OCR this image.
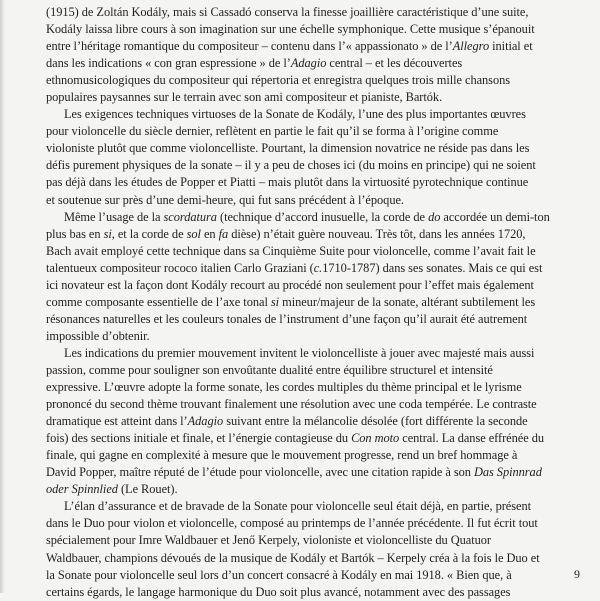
(1915) de Zoltán Kodály, mais si Cassadó conserva la finesse joaillière caractéristique d’une suite,
Kodály laissa libre cours à son imagination sur une échelle symphonique. Cette musique s’épanouit
entre l’héritage romantique du compositeur – contenu dans l’« appassionato » de l’Allegro initial et
dans les indications « con gran espressione » de l’Adagio central – et les découvertes
ethnomusicologiques du compositeur qui répertoria et enregistra quelques trois mille chansons
populaires paysannes sur le terrain avec son ami compositeur et pianiste, Bartók.
Les exigences techniques virtuoses de la Sonate de Kodály, l’une des plus importantes œuvres
pour violoncelle du siècle dernier, reflètent en partie le fait qu’il se forma à l’origine comme
violoniste plutôt que comme violoncelliste. Pourtant, la dimension novatrice ne réside pas dans les
défis purement physiques de la sonate – il y a peu de choses ici (du moins en principe) qui ne soient
pas déjà dans les études de Popper et Piatti – mais plutôt dans la virtuosité pyrotechnique continue
et soutenue sur près d’une demi-heure, qui fut sans précédent à l’époque.
Même l’usage de la scordatura (technique d’accord inusuelle, la corde de do accordée un demi-ton
plus bas en si, et la corde de sol en fa dièse) n’était guère nouveau. Très tôt, dans les années 1720,
Bach avait employé cette technique dans sa Cinquième Suite pour violoncelle, comme l’avait fait le
talentueux compositeur rococo italien Carlo Graziani (c.1710-1787) dans ses sonates. Mais ce qui est
ici novateur est la façon dont Kodály recourt au procédé non seulement pour l’effet mais également
comme composante essentielle de l’axe tonal si mineur/majeur de la sonate, altérant subtilement les
résonances naturelles et les couleurs tonales de l’instrument d’une façon qu’il aurait été autrement
impossible d’obtenir.
Les indications du premier mouvement invitent le violoncelliste à jouer avec majesté mais aussi
passion, comme pour souligner son envoûtante dualité entre équilibre structurel et intensité
expressive. L’œuvre adopte la forme sonate, les cordes multiples du thème principal et le lyrisme
prononcé du second thème trouvant finalement une résolution avec une coda tempérée. Le contraste
dramatique est atteint dans l’Adagio suivant entre la mélancolie désolée (fort différente la seconde
fois) des sections initiale et finale, et l’énergie contagieuse du Con moto central. La danse effrénée du
finale, qui gagne en complexité à mesure que le mouvement progresse, rend un bref hommage à
David Popper, maître réputé de l’étude pour violoncelle, avec une citation rapide à son Das Spinnrad
oder Spinnlied (Le Rouet).
L’élan d’assurance et de bravade de la Sonate pour violoncelle seul était déjà, en partie, présent
dans le Duo pour violon et violoncelle, composé au printemps de l’année précédente. Il fut écrit tout
spécialement pour Imre Waldbauer et Jenő Kerpely, violoniste et violoncelliste du Quatuor
Waldbauer, champions dévoués de la musique de Kodály et Bartók – Kerpely créa à la fois le Duo et
la Sonate pour violoncelle seul lors d’un concert consacré à Kodály en mai 1918. « Bien que, à
certains égards, le langage harmonique du Duo soit plus avancé, notamment avec des passages
9
